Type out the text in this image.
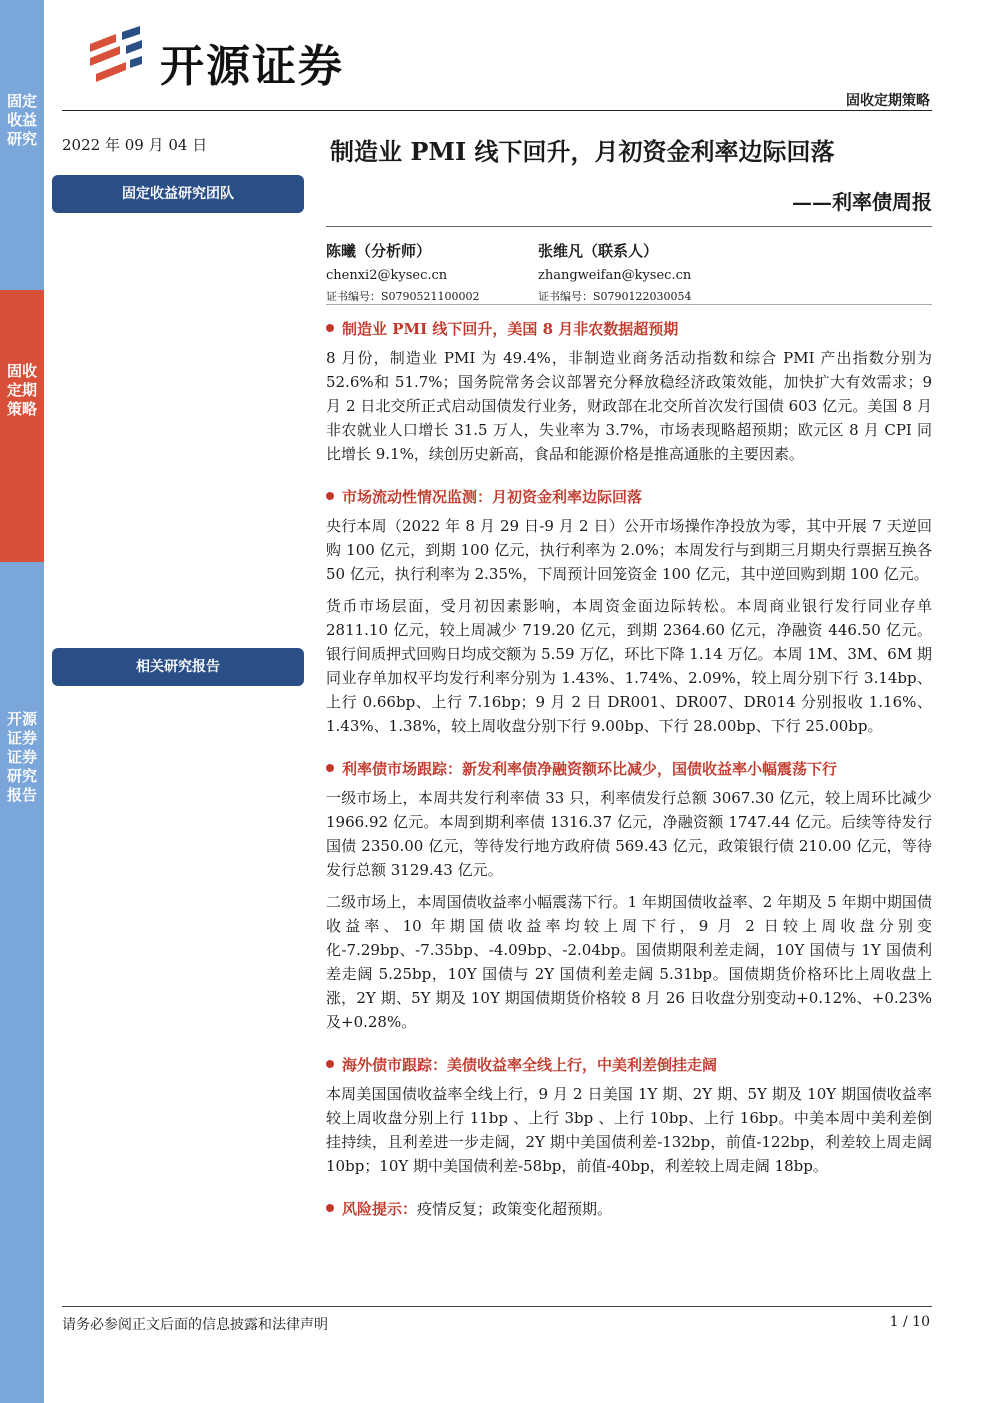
固定收益研究
固收定期策略
开源证券 证券研究报告
开源证券
固收定期策略
2022 年 09 月 04 日
固定收益研究团队
相关研究报告
制造业 PMI 线下回升，月初资金利率边际回落
——利率债周报
陈曦（分析师）
chenxi2@kysec.cn
证书编号：S0790521100002
张维凡（联系人）
zhangweifan@kysec.cn
证书编号：S0790122030054
制造业 PMI 线下回升，美国 8 月非农数据超预期
8 月份，制造业 PMI 为 49.4%，非制造业商务活动指数和综合 PMI 产出指数分别为 52.6%和 51.7%；国务院常务会议部署充分释放稳经济政策效能，加快扩大有效需求；9 月 2 日北交所正式启动国债发行业务，财政部在北交所首次发行国债 603 亿元。美国 8 月非农就业人口增长 31.5 万人，失业率为 3.7%，市场表现略超预期；欧元区 8 月 CPI 同比增长 9.1%，续创历史新高，食品和能源价格是推高通胀的主要因素。
市场流动性情况监测：月初资金利率边际回落
央行本周（2022 年 8 月 29 日-9 月 2 日）公开市场操作净投放为零，其中开展 7 天逆回购 100 亿元，到期 100 亿元，执行利率为 2.0%；本周发行与到期三月期央行票据互换各 50 亿元，执行利率为 2.35%，下周预计回笼资金 100 亿元，其中逆回购到期 100 亿元。
货币市场层面，受月初因素影响，本周资金面边际转松。本周商业银行发行同业存单 2811.10 亿元，较上周减少 719.20 亿元，到期 2364.60 亿元，净融资 446.50 亿元。银行间质押式回购日均成交额为 5.59 万亿，环比下降 1.14 万亿。本周 1M、3M、6M 期同业存单加权平均发行利率分别为 1.43%、1.74%、2.09%，较上周分别下行 3.14bp、上行 0.66bp、上行 7.16bp；9 月 2 日 DR001、DR007、DR014 分别报收 1.16%、1.43%、1.38%，较上周收盘分别下行 9.00bp、下行 28.00bp、下行 25.00bp。
利率债市场跟踪：新发利率债净融资额环比减少，国债收益率小幅震荡下行
一级市场上，本周共发行利率债 33 只，利率债发行总额 3067.30 亿元，较上周环比减少 1966.92 亿元。本周到期利率债 1316.37 亿元，净融资额 1747.44 亿元。后续等待发行国债 2350.00 亿元，等待发行地方政府债 569.43 亿元，政策银行债 210.00 亿元，等待发行总额 3129.43 亿元。
二级市场上，本周国债收益率小幅震荡下行。1 年期国债收益率、2 年期及 5 年期中期国债收益率、10 年期国债收益率均较上周下行，9 月 2 日较上周收盘分别变化-7.29bp、-7.35bp、-4.09bp、-2.04bp。国债期限利差走阔，10Y 国债与 1Y 国债利差走阔 5.25bp，10Y 国债与 2Y 国债利差走阔 5.31bp。国债期货价格环比上周收盘上涨，2Y 期、5Y 期及 10Y 期国债期货价格较 8 月 26 日收盘分别变动+0.12%、+0.23%及+0.28%。
海外债市跟踪：美债收益率全线上行，中美利差倒挂走阔
本周美国国债收益率全线上行，9 月 2 日美国 1Y 期、2Y 期、5Y 期及 10Y 期国债收益率较上周收盘分别上行 11bp 、上行 3bp 、上行 10bp、上行 16bp。中美本周中美利差倒挂持续，且利差进一步走阔，2Y 期中美国债利差-132bp，前值-122bp，利差较上周走阔 10bp；10Y 期中美国债利差-58bp，前值-40bp，利差较上周走阔 18bp。
风险提示：疫情反复；政策变化超预期。
请务必参阅正文后面的信息披露和法律声明	1 / 10
